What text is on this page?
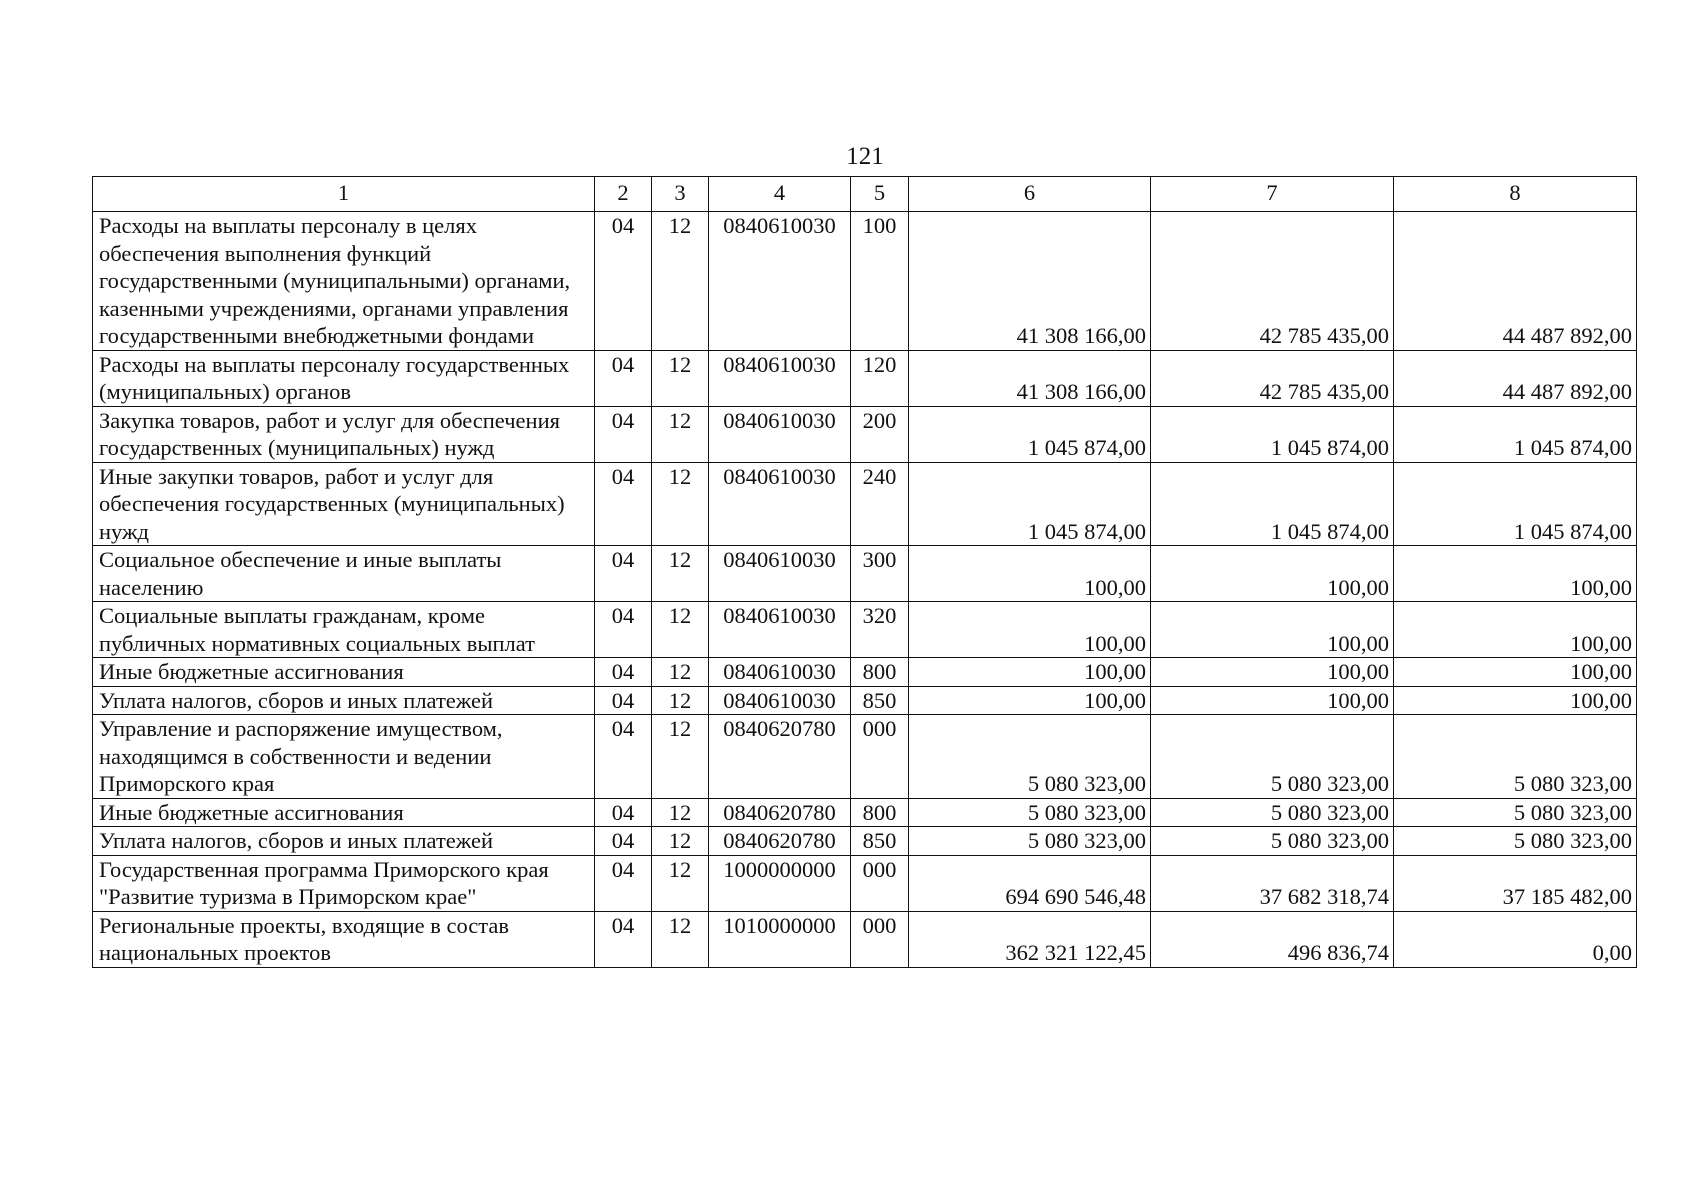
121
1	2	3	4	5	6	7	8
Расходы на выплаты персоналу в целях обеспечения выполнения функций государственными (муниципальными) органами, казенными учреждениями, органами управления государственными внебюджетными фондами	04	12	0840610030	100	41 308 166,00	42 785 435,00	44 487 892,00
Расходы на выплаты персоналу государственных (муниципальных) органов	04	12	0840610030	120	41 308 166,00	42 785 435,00	44 487 892,00
Закупка товаров, работ и услуг для обеспечения государственных (муниципальных) нужд	04	12	0840610030	200	1 045 874,00	1 045 874,00	1 045 874,00
Иные закупки товаров, работ и услуг для обеспечения государственных (муниципальных) нужд	04	12	0840610030	240	1 045 874,00	1 045 874,00	1 045 874,00
Социальное обеспечение и иные выплаты населению	04	12	0840610030	300	100,00	100,00	100,00
Социальные выплаты гражданам, кроме публичных нормативных социальных выплат	04	12	0840610030	320	100,00	100,00	100,00
Иные бюджетные ассигнования	04	12	0840610030	800	100,00	100,00	100,00
Уплата налогов, сборов и иных платежей	04	12	0840610030	850	100,00	100,00	100,00
Управление и распоряжение имуществом, находящимся в собственности и ведении Приморского края	04	12	0840620780	000	5 080 323,00	5 080 323,00	5 080 323,00
Иные бюджетные ассигнования	04	12	0840620780	800	5 080 323,00	5 080 323,00	5 080 323,00
Уплата налогов, сборов и иных платежей	04	12	0840620780	850	5 080 323,00	5 080 323,00	5 080 323,00
Государственная программа Приморского края "Развитие туризма в Приморском крае"	04	12	1000000000	000	694 690 546,48	37 682 318,74	37 185 482,00
Региональные проекты, входящие в состав национальных проектов	04	12	1010000000	000	362 321 122,45	496 836,74	0,00
